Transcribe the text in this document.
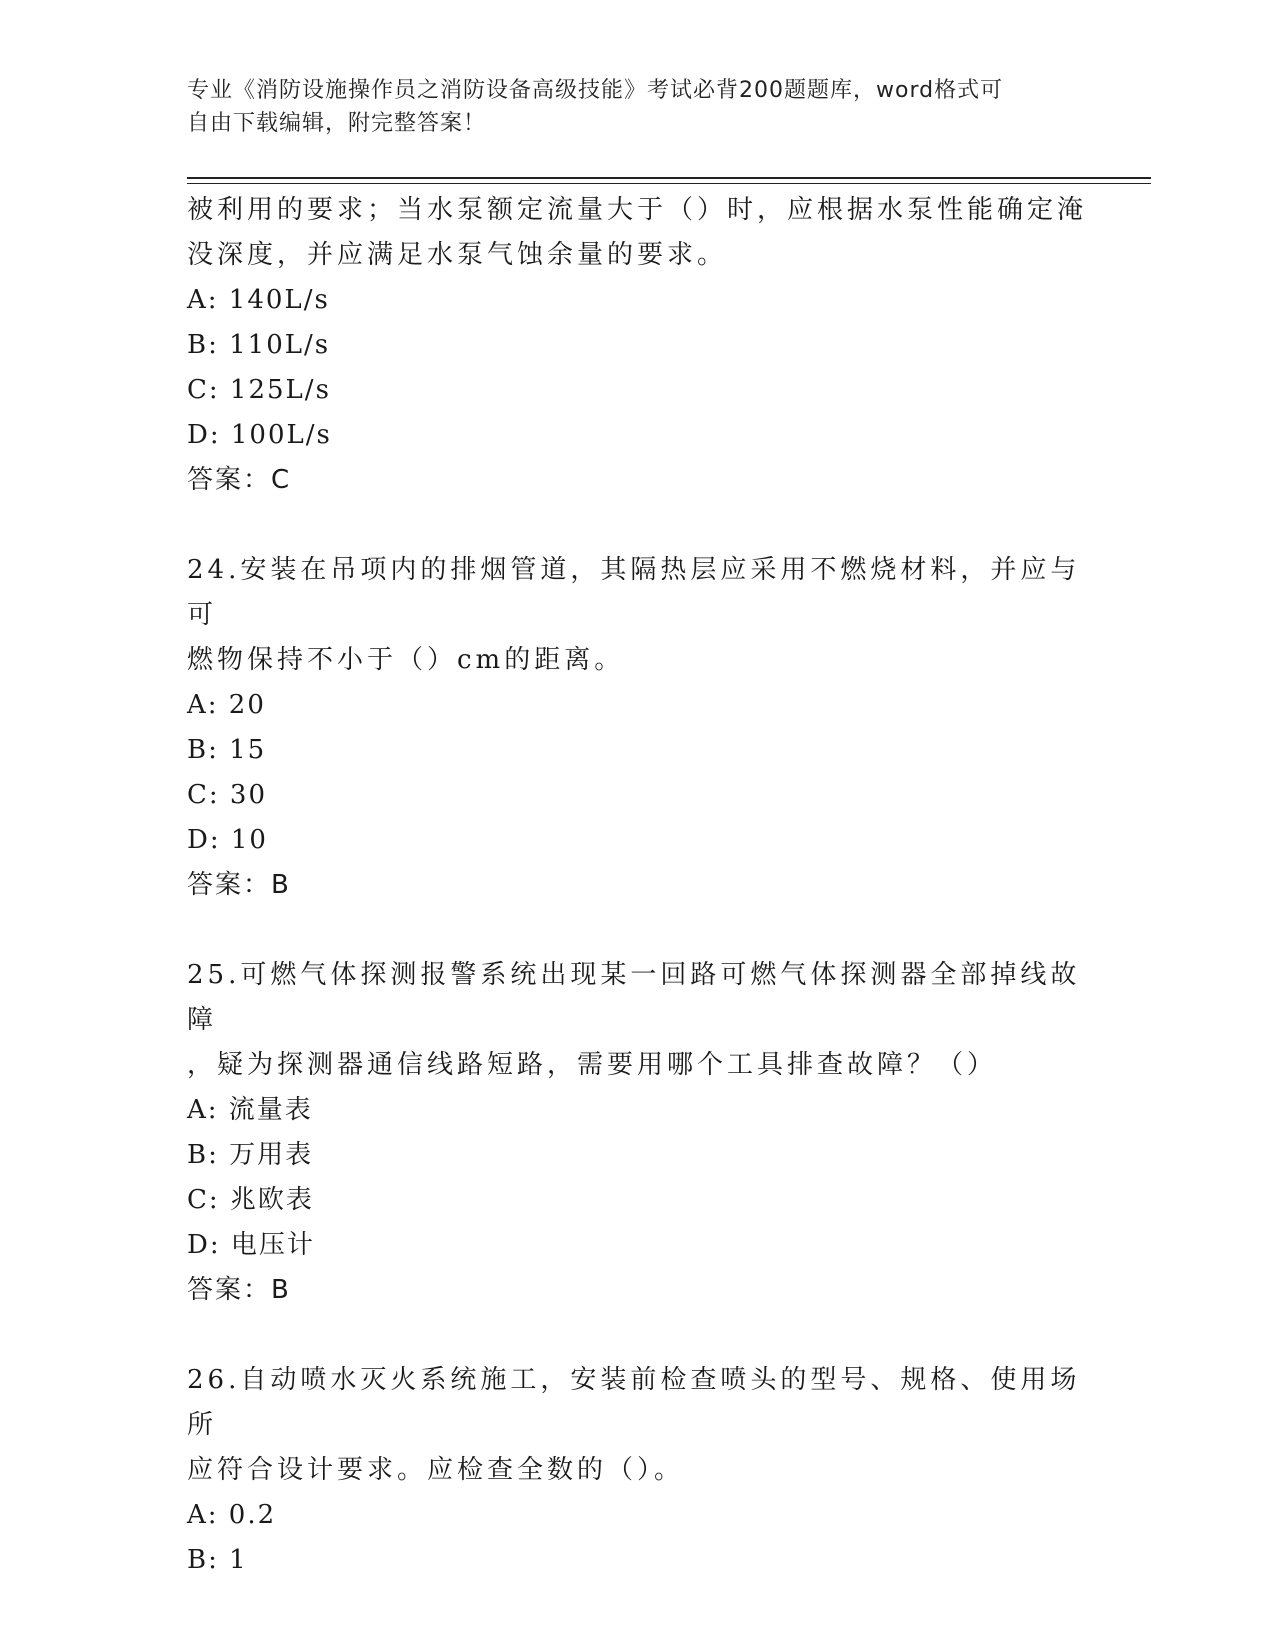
专业《消防设施操作员之消防设备高级技能》考试必背200题题库，word格式可
自由下载编辑，附完整答案！

被利用的要求；当水泵额定流量大于（）时，应根据水泵性能确定淹

没深度，并应满足水泵气蚀余量的要求。

A: 140L/s

B: 110L/s

C: 125L/s

D: 100L/s

答案：C

24.安装在吊项内的排烟管道，其隔热层应采用不燃烧材料，并应与可

燃物保持不小于（）cm的距离。

A: 20

B: 15

C: 30

D: 10

答案：B

25.可燃气体探测报警系统出现某一回路可燃气体探测器全部掉线故障

，疑为探测器通信线路短路，需要用哪个工具排查故障？（）

A: 流量表

B: 万用表

C: 兆欧表

D: 电压计

答案：B

26.自动喷水灭火系统施工，安装前检查喷头的型号、规格、使用场所

应符合设计要求。应检查全数的（）。

A: 0.2

B: 1
